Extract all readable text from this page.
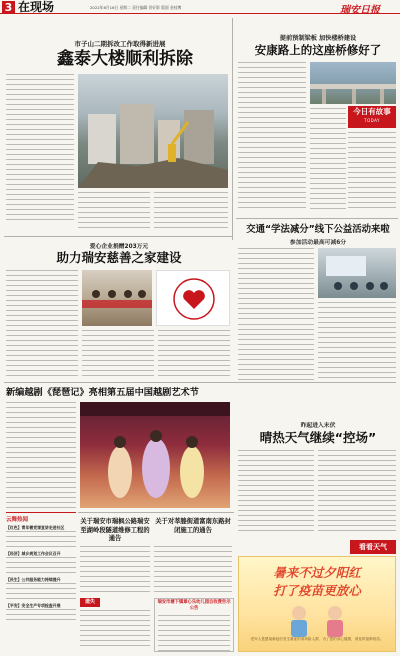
3 在现场	2022年6月16日 星期二 责任编辑 晋好影 版面 金桂博	瑞安日报
市子山二期拆改工作取得新进展
鑫泰大楼顺利拆除
提前预制梁板 加快楼桥建设
安康路上的这座桥修好了
今日有故事
TODAY
爱心企业捐赠203万元
助力瑞安慈善之家建设
交通“学法减分”线下公益活动来啦
参加活动最高可减6分
新编越剧《琵琶记》亮相第五届中国越剧艺术节
云舞热闻
【红色】青年微党课宣讲走进社区
【经济】城乡规划工作会议召开
【民生】公共服务能力持续提升
【平安】安全生产专项检查开展
昨起进入末伏
晴热天气继续“控场”
看看天气
暑来不过夕阳红
打了疫苗更放心
老年人是感染新冠后发生重症的高风险人群，为了您的身心健康，请及时接种疫苗。
关于瑞安市瑞枫公路瑞安至湖岭段隧道维修工程的通告
关于对莘塍街道富南东路封闭施工的通告
遗失	瑞安市塘下镇章心乐幼儿园自收费告示公告
